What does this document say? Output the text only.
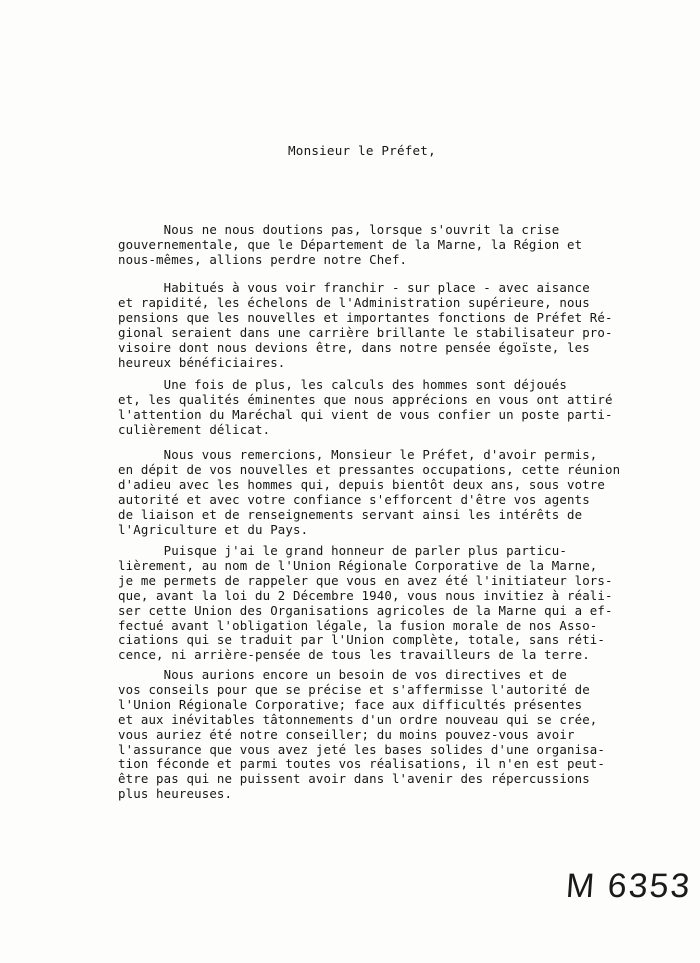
Monsieur le Préfet,
Nous ne nous doutions pas, lorsque s'ouvrit la crise
gouvernementale, que le Département de la Marne, la Région et
nous-mêmes, allions perdre notre Chef.
Habitués à vous voir franchir - sur place - avec aisance
et rapidité, les échelons de l'Administration supérieure, nous
pensions que les nouvelles et importantes fonctions de Préfet Ré-
gional seraient dans une carrière brillante le stabilisateur pro-
visoire dont nous devions être, dans notre pensée égoïste, les
heureux bénéficiaires.
Une fois de plus, les calculs des hommes sont déjoués
et, les qualités éminentes que nous apprécions en vous ont attiré
l'attention du Maréchal qui vient de vous confier un poste parti-
culièrement délicat.
Nous vous remercions, Monsieur le Préfet, d'avoir permis,
en dépit de vos nouvelles et pressantes occupations, cette réunion
d'adieu avec les hommes qui, depuis bientôt deux ans, sous votre
autorité et avec votre confiance s'efforcent d'être vos agents
de liaison et de renseignements servant ainsi les intérêts de
l'Agriculture et du Pays.
Puisque j'ai le grand honneur de parler plus particu-
lièrement, au nom de l'Union Régionale Corporative de la Marne,
je me permets de rappeler que vous en avez été l'initiateur lors-
que, avant la loi du 2 Décembre 1940, vous nous invitiez à réali-
ser cette Union des Organisations agricoles de la Marne qui a ef-
fectué avant l'obligation légale, la fusion morale de nos Asso-
ciations qui se traduit par l'Union complète, totale, sans réti-
cence, ni arrière-pensée de tous les travailleurs de la terre.
Nous aurions encore un besoin de vos directives et de
vos conseils pour que se précise et s'affermisse l'autorité de
l'Union Régionale Corporative; face aux difficultés présentes
et aux inévitables tâtonnements d'un ordre nouveau qui se crée,
vous auriez été notre conseiller; du moins pouvez-vous avoir
l'assurance que vous avez jeté les bases solides d'une organisa-
tion féconde et parmi toutes vos réalisations, il n'en est peut-
être pas qui ne puissent avoir dans l'avenir des répercussions
plus heureuses.
M 6353
